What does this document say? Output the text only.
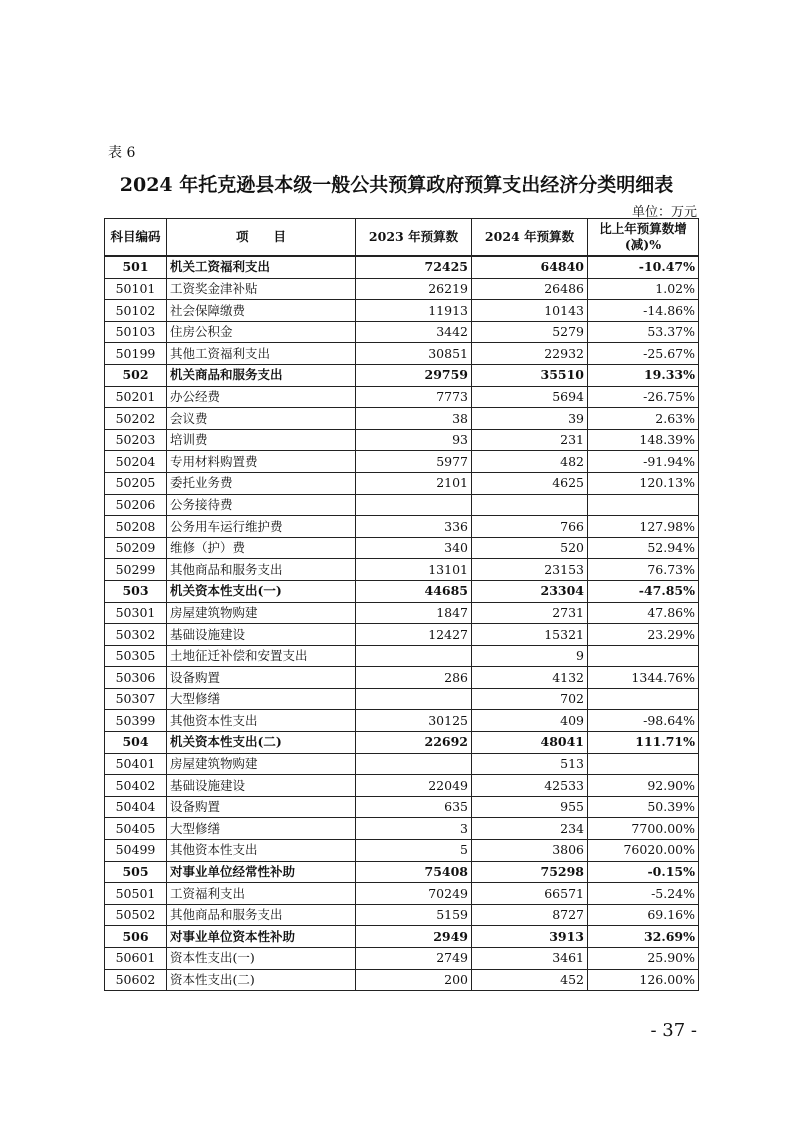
表 6
2024 年托克逊县本级一般公共预算政府预算支出经济分类明细表
单位：万元
科目编码	项　　目	2023 年预算数	2024 年预算数	比上年预算数增(减)%
501	机关工资福利支出	72425	64840	-10.47%
50101	工资奖金津补贴	26219	26486	1.02%
50102	社会保障缴费	11913	10143	-14.86%
50103	住房公积金	3442	5279	53.37%
50199	其他工资福利支出	30851	22932	-25.67%
502	机关商品和服务支出	29759	35510	19.33%
50201	办公经费	7773	5694	-26.75%
50202	会议费	38	39	2.63%
50203	培训费	93	231	148.39%
50204	专用材料购置费	5977	482	-91.94%
50205	委托业务费	2101	4625	120.13%
50206	公务接待费			
50208	公务用车运行维护费	336	766	127.98%
50209	维修（护）费	340	520	52.94%
50299	其他商品和服务支出	13101	23153	76.73%
503	机关资本性支出(一)	44685	23304	-47.85%
50301	房屋建筑物购建	1847	2731	47.86%
50302	基础设施建设	12427	15321	23.29%
50305	土地征迁补偿和安置支出		9	
50306	设备购置	286	4132	1344.76%
50307	大型修缮		702	
50399	其他资本性支出	30125	409	-98.64%
504	机关资本性支出(二)	22692	48041	111.71%
50401	房屋建筑物购建		513	
50402	基础设施建设	22049	42533	92.90%
50404	设备购置	635	955	50.39%
50405	大型修缮	3	234	7700.00%
50499	其他资本性支出	5	3806	76020.00%
505	对事业单位经常性补助	75408	75298	-0.15%
50501	工资福利支出	70249	66571	-5.24%
50502	其他商品和服务支出	5159	8727	69.16%
506	对事业单位资本性补助	2949	3913	32.69%
50601	资本性支出(一)	2749	3461	25.90%
50602	资本性支出(二)	200	452	126.00%
- 37 -
